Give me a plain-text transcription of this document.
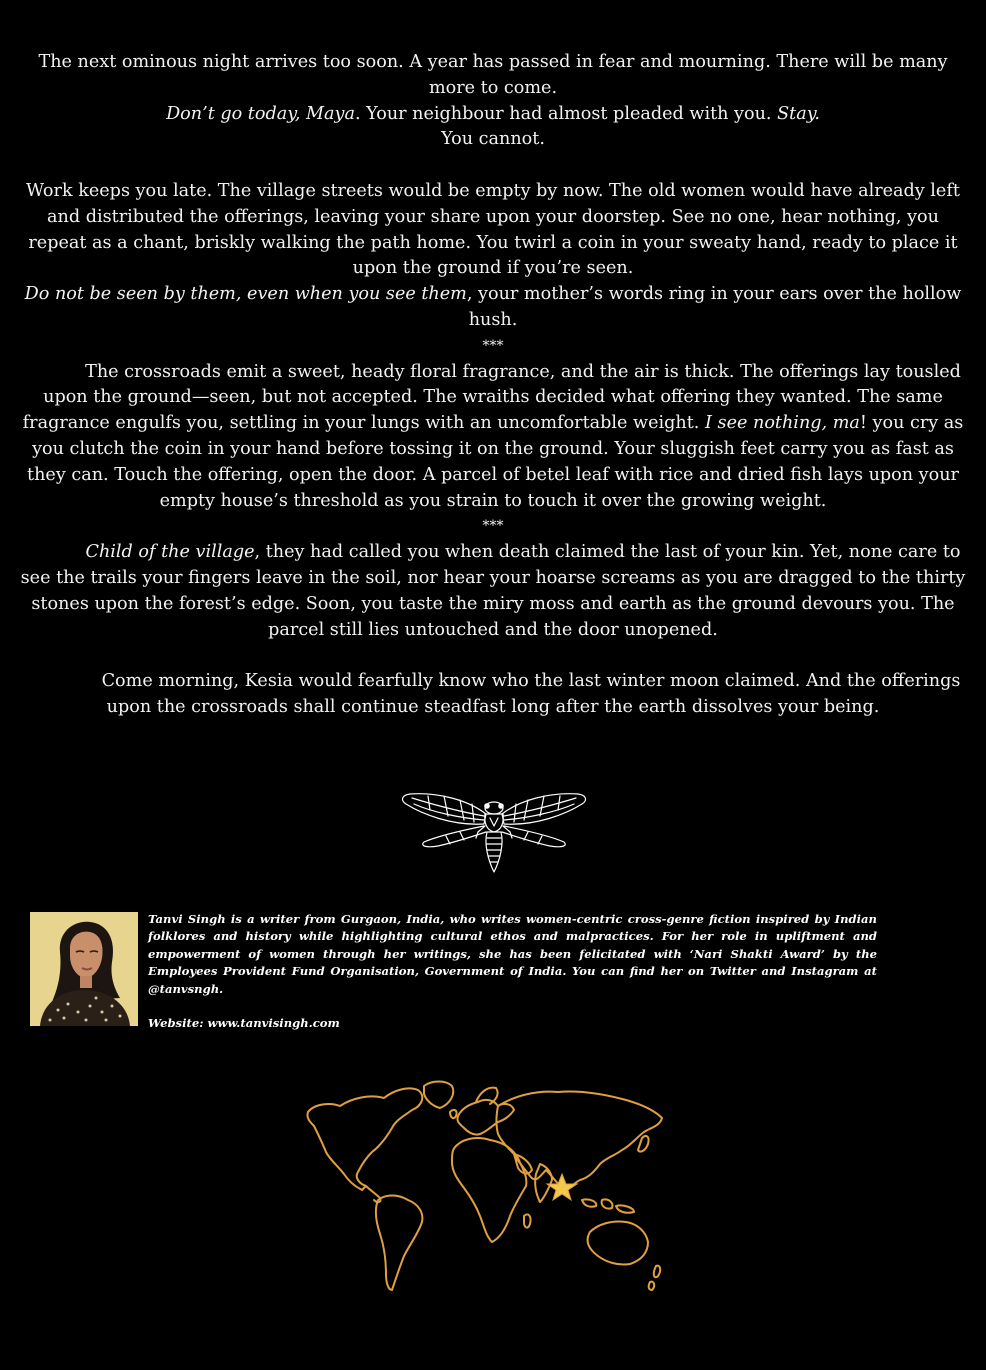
The next ominous night arrives too soon. A year has passed in fear and mourning. There will be many more to come.

Don’t go today, Maya. Your neighbour had almost pleaded with you. Stay.

You cannot.

Work keeps you late. The village streets would be empty by now. The old women would have already left and distributed the offerings, leaving your share upon your doorstep. See no one, hear nothing, you repeat as a chant, briskly walking the path home. You twirl a coin in your sweaty hand, ready to place it upon the ground if you’re seen.

Do not be seen by them, even when you see them, your mother’s words ring in your ears over the hollow hush.

***

The crossroads emit a sweet, heady floral fragrance, and the air is thick. The offerings lay tousled upon the ground—seen, but not accepted. The wraiths decided what offering they wanted. The same fragrance engulfs you, settling in your lungs with an uncomfortable weight. I see nothing, ma! you cry as you clutch the coin in your hand before tossing it on the ground. Your sluggish feet carry you as fast as they can. Touch the offering, open the door. A parcel of betel leaf with rice and dried fish lays upon your empty house’s threshold as you strain to touch it over the growing weight.

***

Child of the village, they had called you when death claimed the last of your kin. Yet, none care to see the trails your fingers leave in the soil, nor hear your hoarse screams as you are dragged to the thirty stones upon the forest’s edge. Soon, you taste the miry moss and earth as the ground devours you. The parcel still lies untouched and the door unopened.

Come morning, Kesia would fearfully know who the last winter moon claimed. And the offerings upon the crossroads shall continue steadfast long after the earth dissolves your being.

Tanvi Singh is a writer from Gurgaon, India, who writes women-centric cross-genre fiction inspired by Indian folklores and history while highlighting cultural ethos and malpractices. For her role in upliftment and empowerment of women through her writings, she has been felicitated with ‘Nari Shakti Award’ by the Employees Provident Fund Organisation, Government of India. You can find her on Twitter and Instagram at @tanvsngh.

Website: www.tanvisingh.com
